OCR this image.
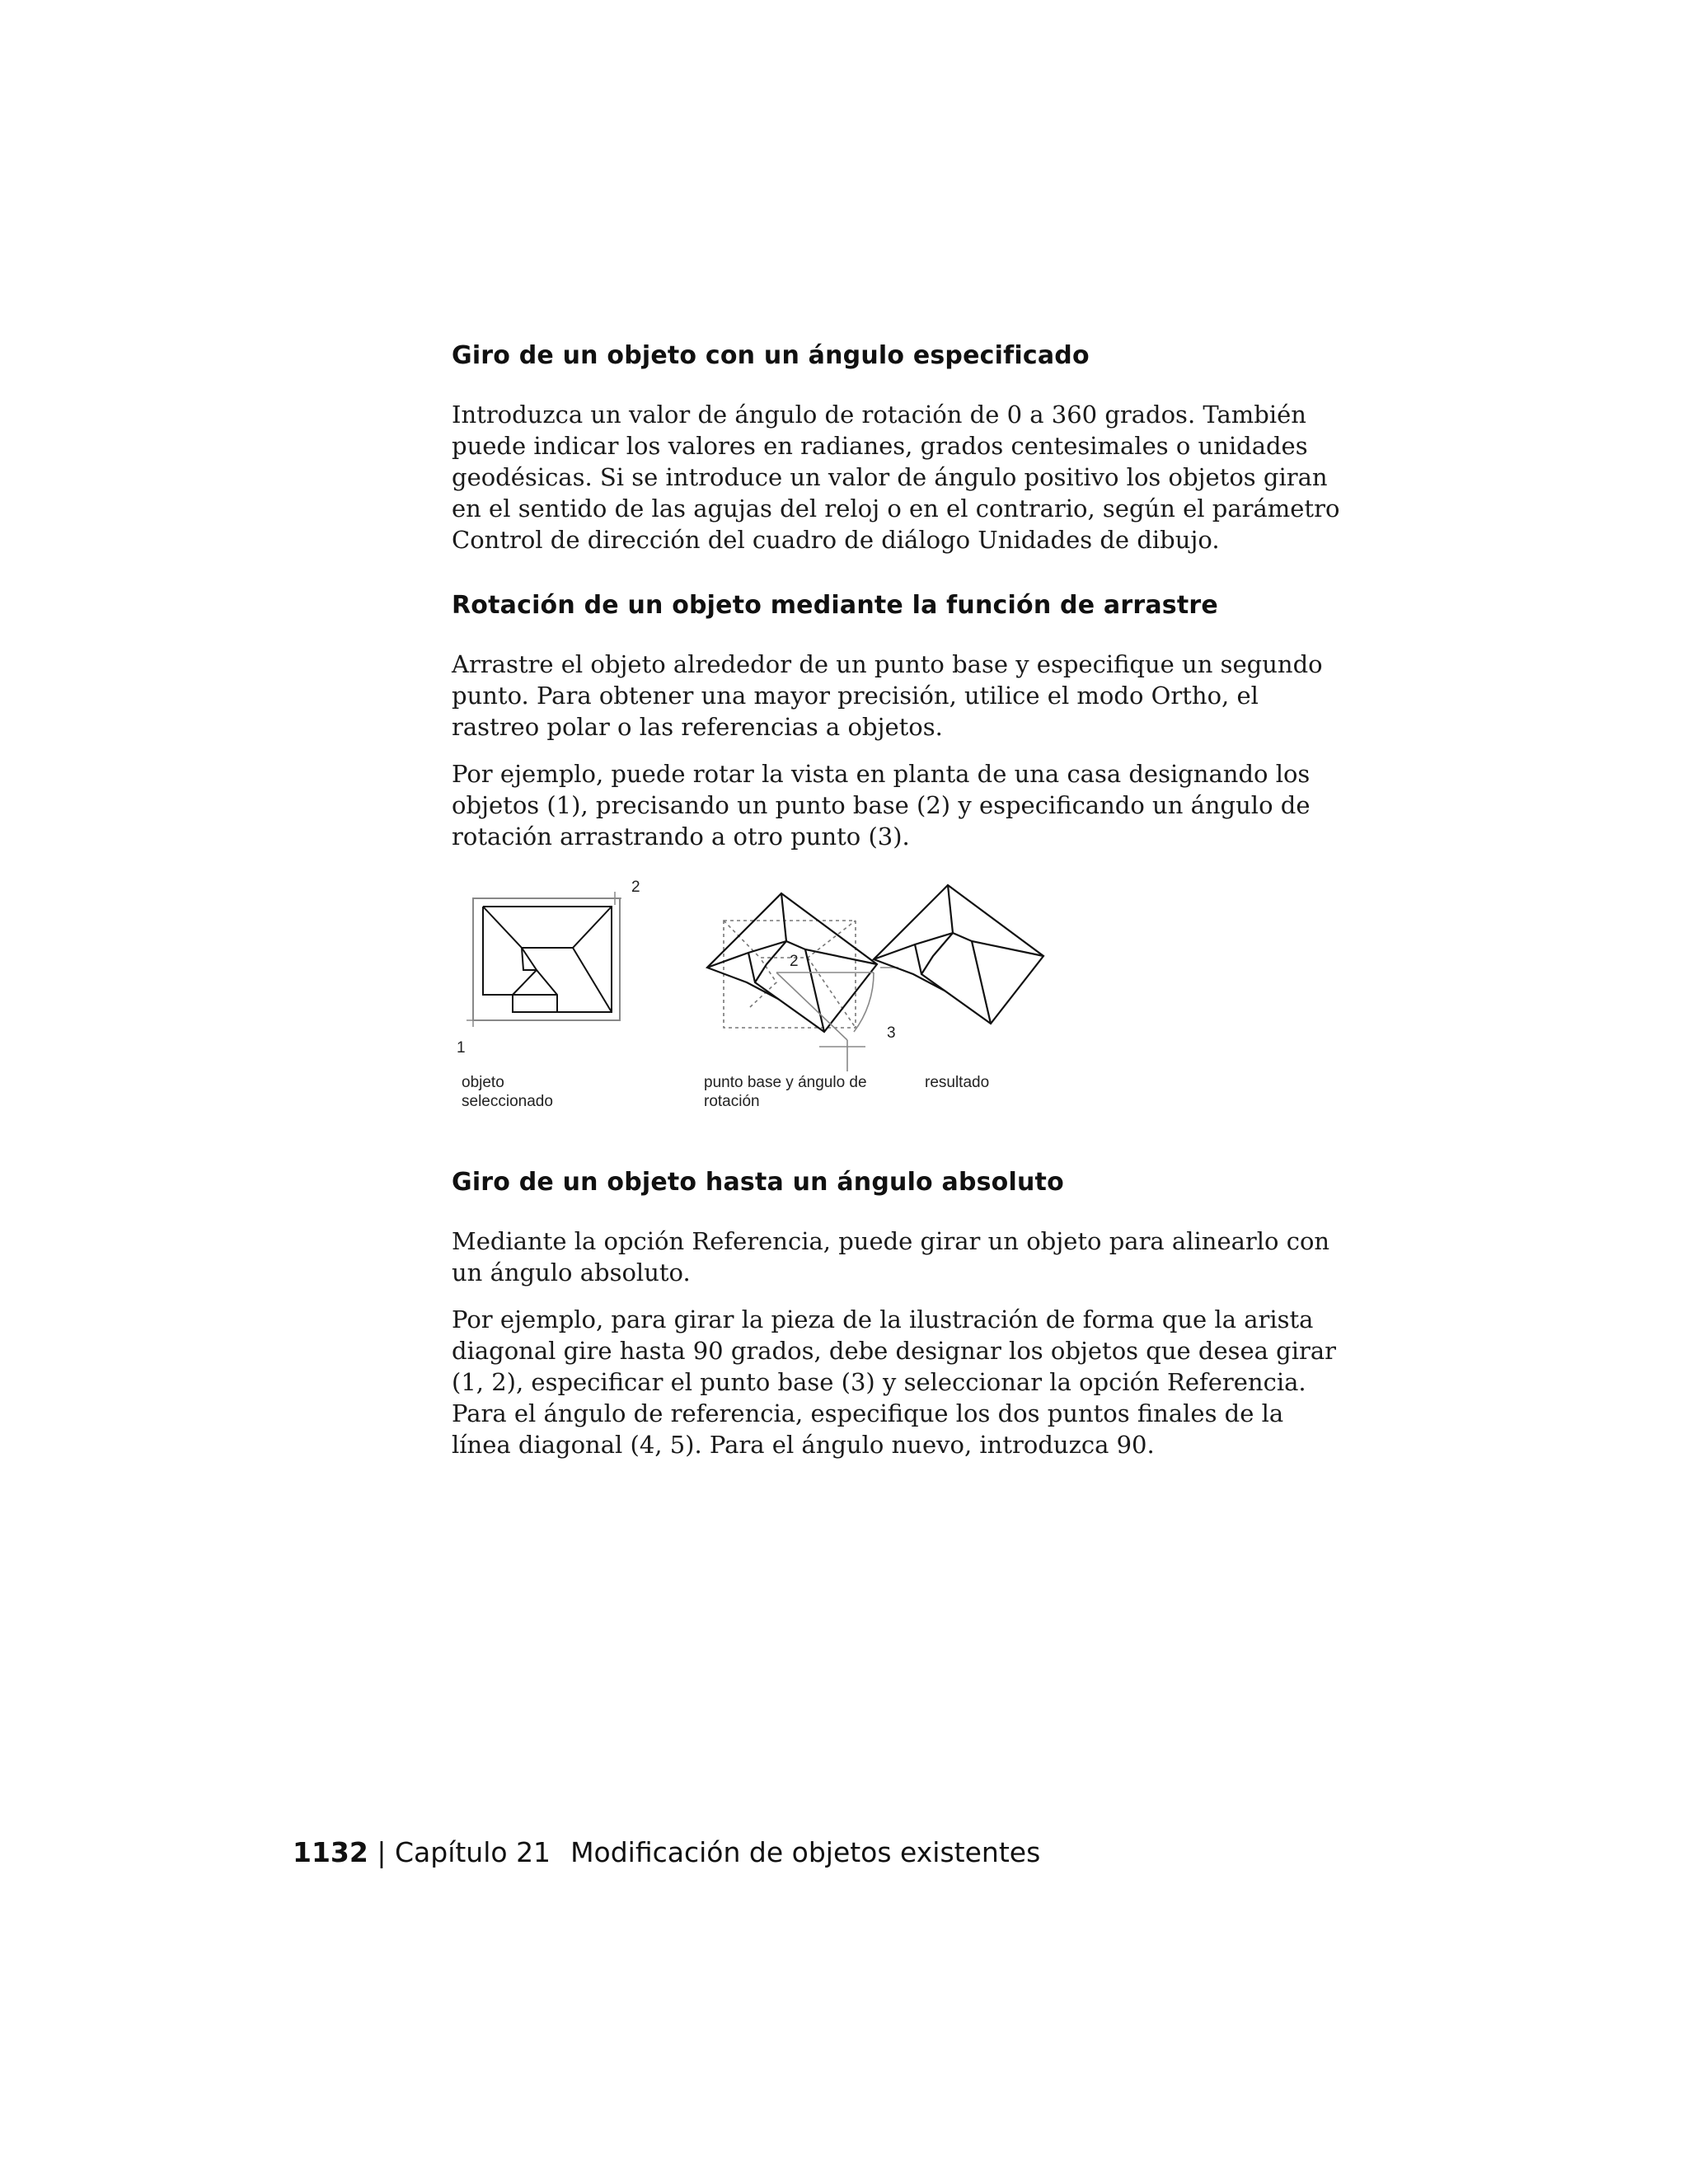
Giro de un objeto con un ángulo especificado

Introduzca un valor de ángulo de rotación de 0 a 360 grados. También puede indicar los valores en radianes, grados centesimales o unidades geodésicas. Si se introduce un valor de ángulo positivo los objetos giran en el sentido de las agujas del reloj o en el contrario, según el parámetro Control de dirección del cuadro de diálogo Unidades de dibujo.

Rotación de un objeto mediante la función de arrastre

Arrastre el objeto alrededor de un punto base y especifique un segundo punto. Para obtener una mayor precisión, utilice el modo Ortho, el rastreo polar o las referencias a objetos.

Por ejemplo, puede rotar la vista en planta de una casa designando los objetos (1), precisando un punto base (2) y especificando un ángulo de rotación arrastrando a otro punto (3).

2
1
2
3
objeto
seleccionado
punto base y ángulo de
rotación
resultado
Giro de un objeto hasta un ángulo absoluto

Mediante la opción Referencia, puede girar un objeto para alinearlo con un ángulo absoluto.

Por ejemplo, para girar la pieza de la ilustración de forma que la arista diagonal gire hasta 90 grados, debe designar los objetos que desea girar (1, 2), especificar el punto base (3) y seleccionar la opción Referencia. Para el ángulo de referencia, especifique los dos puntos finales de la línea diagonal (4, 5). Para el ángulo nuevo, introduzca 90.

1132 | Capítulo 21 Modificación de objetos existentes
